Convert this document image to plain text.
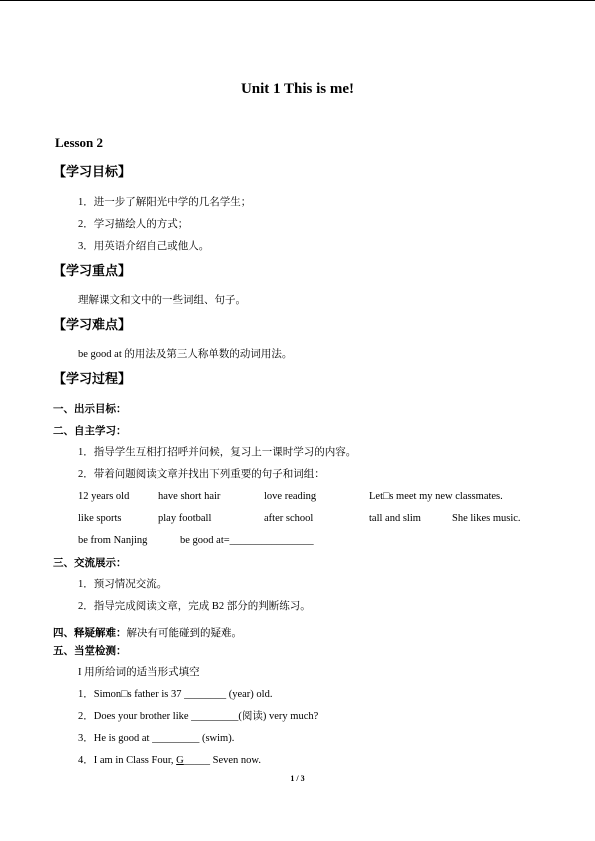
Unit 1 This is me!
Lesson 2
【学习目标】
1．进一步了解阳光中学的几名学生；
2．学习描绘人的方式；
3．用英语介绍自己或他人。
【学习重点】
理解课文和文中的一些词组、句子。
【学习难点】
be good at 的用法及第三人称单数的动词用法。
【学习过程】
一、出示目标：
二、自主学习：
1．指导学生互相打招呼并问候，复习上一课时学习的内容。
2．带着问题阅读文章并找出下列重要的句子和词组：
12 years old	have short hair	love reading	Let□s meet my new classmates.
like sports	play football	after school	tall and slim	She likes music.
be from Nanjing	be good at=________________
三、交流展示：
1．预习情况交流。
2．指导完成阅读文章，完成 B2 部分的判断练习。
四、释疑解难：解决有可能碰到的疑难。
五、当堂检测：
I 用所给词的适当形式填空
1．Simon□s father is 37 ________ (year) old.
2．Does your brother like _________(阅读) very much?
3．He is good at _________ (swim).
4．I am in Class Four, G_____ Seven now.
1 / 3
